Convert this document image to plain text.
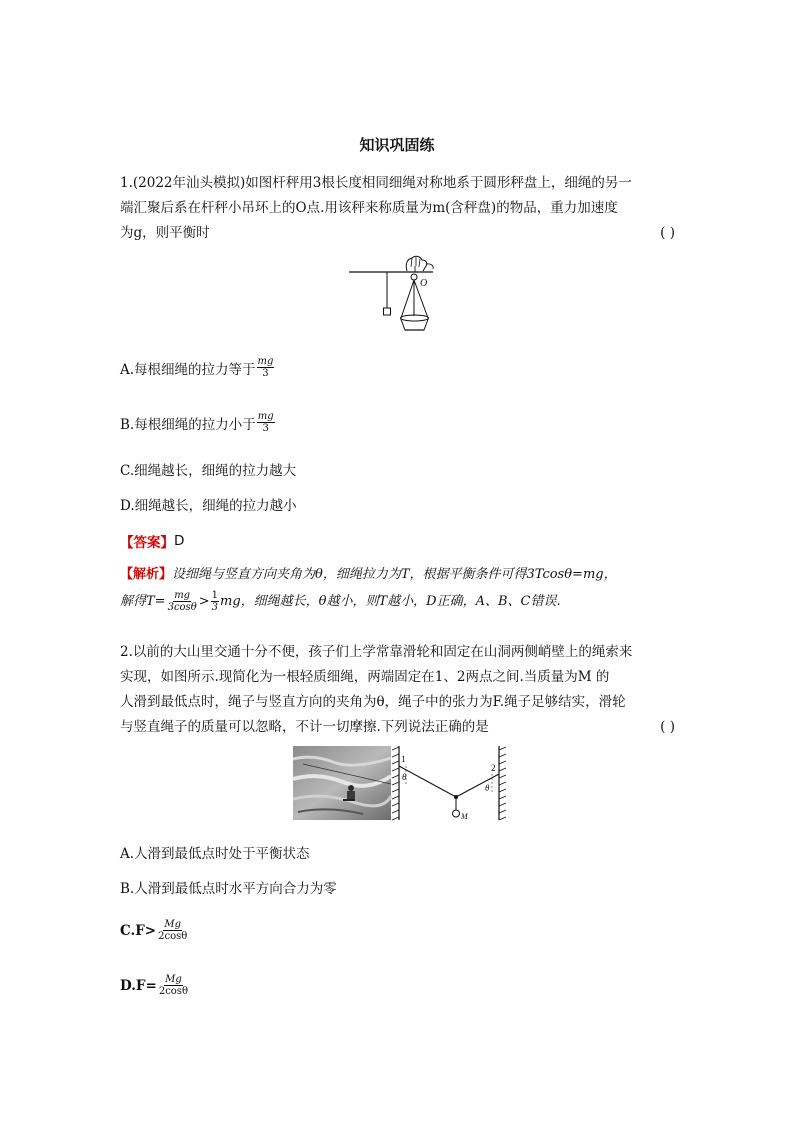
知识巩固练
1.(2022年汕头模拟)如图杆秤用3根长度相同细绳对称地系于圆形秤盘上，细绳的另一
端汇聚后系在杆秤小吊环上的O点.用该秤来称质量为m(含秤盘)的物品，重力加速度
为g，则平衡时	( )
O
A.每根细绳的拉力等于 $\frac{mg}{3}$
B.每根细绳的拉力小于 $\frac{mg}{3}$
C.细绳越长，细绳的拉力越大
D.细绳越长，细绳的拉力越小
【答案】 D
【解析】设细绳与竖直方向夹角为θ，细绳拉力为T，根据平衡条件可得3Tcosθ=mg，
解得$T= \frac{mg}{3\cos\theta} > \frac{1}{3}$ mg，细绳越长，θ越小，则T越小，D正确，A、B、C错误.
2.以前的大山里交通十分不便，孩子们上学常靠滑轮和固定在山洞两侧峭壁上的绳索来
实现，如图所示.现简化为一根轻质细绳，两端固定在1、2两点之间.当质量为M 的
人滑到最低点时，绳子与竖直方向的夹角为θ，绳子中的张力为F.绳子足够结实，滑轮
与竖直绳子的质量可以忽略，不计一切摩擦.下列说法正确的是	( )
1
2
θ
θ
M
A.人滑到最低点时处于平衡状态
B.人滑到最低点时水平方向合力为零
$C.F> \frac{Mg}{2\cos\theta}$
$D.F= \frac{Mg}{2\cos\theta}$
